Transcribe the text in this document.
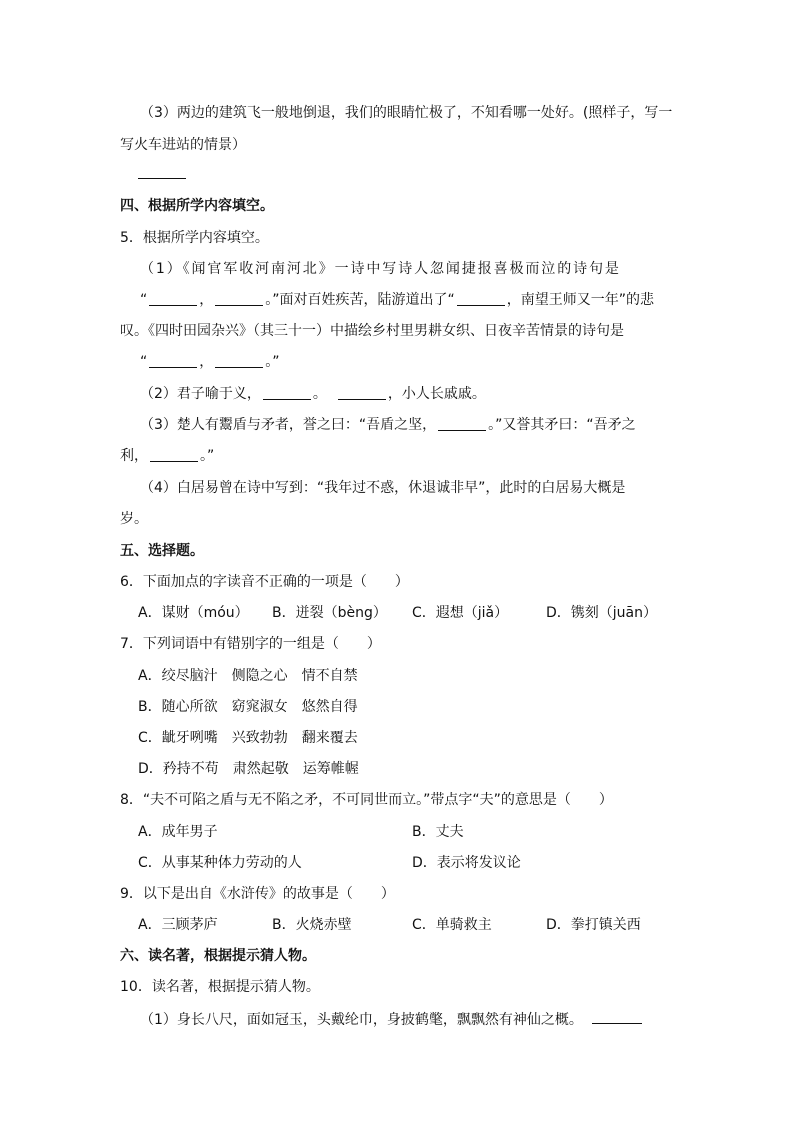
（3）两边的建筑飞一般地倒退，我们的眼睛忙极了，不知看哪一处好。(照样子，写一
写火车进站的情景）
四、根据所学内容填空。
5．根据所学内容填空。
（1）《闻官军收河南河北》一诗中写诗人忽闻捷报喜极而泣的诗句是
“	，	。”面对百姓疾苦，陆游道出了“	，南望王师又一年”的悲
叹。《四时田园杂兴》（其三十一）中描绘乡村里男耕女织、日夜辛苦情景的诗句是
“	，	。”
（2）君子喻于义，	。	，小人长戚戚。
（3）楚人有鬻盾与矛者，誉之曰：“吾盾之坚，	。”又誉其矛曰：“吾矛之
利，	。”
（4）白居易曾在诗中写到：“我年过不惑，休退诚非早”，此时的白居易大概是
岁。
五、选择题。
6．下面加点的字读音不正确的一项是（　　）
A．谋财（móu） B．迸裂（bèng） C．遐想（jiǎ）	D．镌刻（juān）
7．下列词语中有错别字的一组是（　　）
A．绞尽脑汁　侧隐之心　情不自禁
B．随心所欲　窈窕淑女　悠然自得
C．龇牙咧嘴　兴致勃勃　翻来覆去
D．矜持不苟　肃然起敬　运筹帷幄
8．“夫不可陷之盾与无不陷之矛，不可同世而立。”带点字“夫”的意思是（　　）
A．成年男子	B．丈夫
C．从事某种体力劳动的人	D．表示将发议论
9．以下是出自《水浒传》的故事是（　　）
A．三顾茅庐	B．火烧赤壁	C．单骑救主	D．拳打镇关西
六、读名著，根据提示猜人物。
10．读名著，根据提示猜人物。
（1）身长八尺，面如冠玉，头戴纶巾，身披鹤氅，飘飘然有神仙之概。
